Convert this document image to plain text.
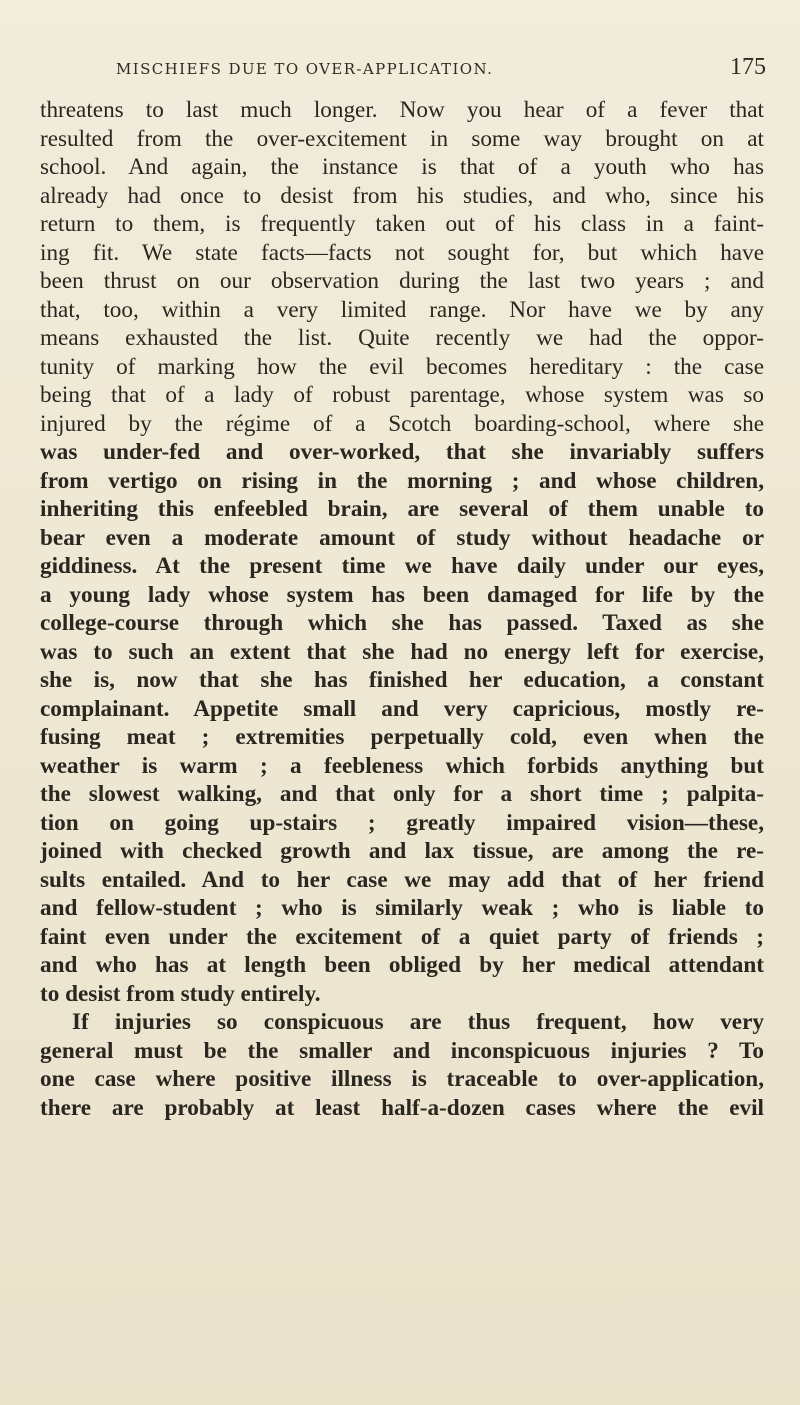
MISCHIEFS DUE TO OVER-APPLICATION.	175
threatens to last much longer. Now you hear of a fever that
resulted from the over-excitement in some way brought on at
school. And again, the instance is that of a youth who has
already had once to desist from his studies, and who, since his
return to them, is frequently taken out of his class in a faint-
ing fit. We state facts—facts not sought for, but which have
been thrust on our observation during the last two years ; and
that, too, within a very limited range. Nor have we by any
means exhausted the list. Quite recently we had the oppor-
tunity of marking how the evil becomes hereditary : the case
being that of a lady of robust parentage, whose system was so
injured by the régime of a Scotch boarding-school, where she
was under-fed and over-worked, that she invariably suffers
from vertigo on rising in the morning ; and whose children,
inheriting this enfeebled brain, are several of them unable to
bear even a moderate amount of study without headache or
giddiness. At the present time we have daily under our eyes,
a young lady whose system has been damaged for life by the
college-course through which she has passed. Taxed as she
was to such an extent that she had no energy left for exercise,
she is, now that she has finished her education, a constant
complainant. Appetite small and very capricious, mostly re-
fusing meat ; extremities perpetually cold, even when the
weather is warm ; a feebleness which forbids anything but
the slowest walking, and that only for a short time ; palpita-
tion on going up-stairs ; greatly impaired vision—these,
joined with checked growth and lax tissue, are among the re-
sults entailed. And to her case we may add that of her friend
and fellow-student ; who is similarly weak ; who is liable to
faint even under the excitement of a quiet party of friends ;
and who has at length been obliged by her medical attendant
to desist from study entirely.
If injuries so conspicuous are thus frequent, how very
general must be the smaller and inconspicuous injuries ? To
one case where positive illness is traceable to over-application,
there are probably at least half-a-dozen cases where the evil
